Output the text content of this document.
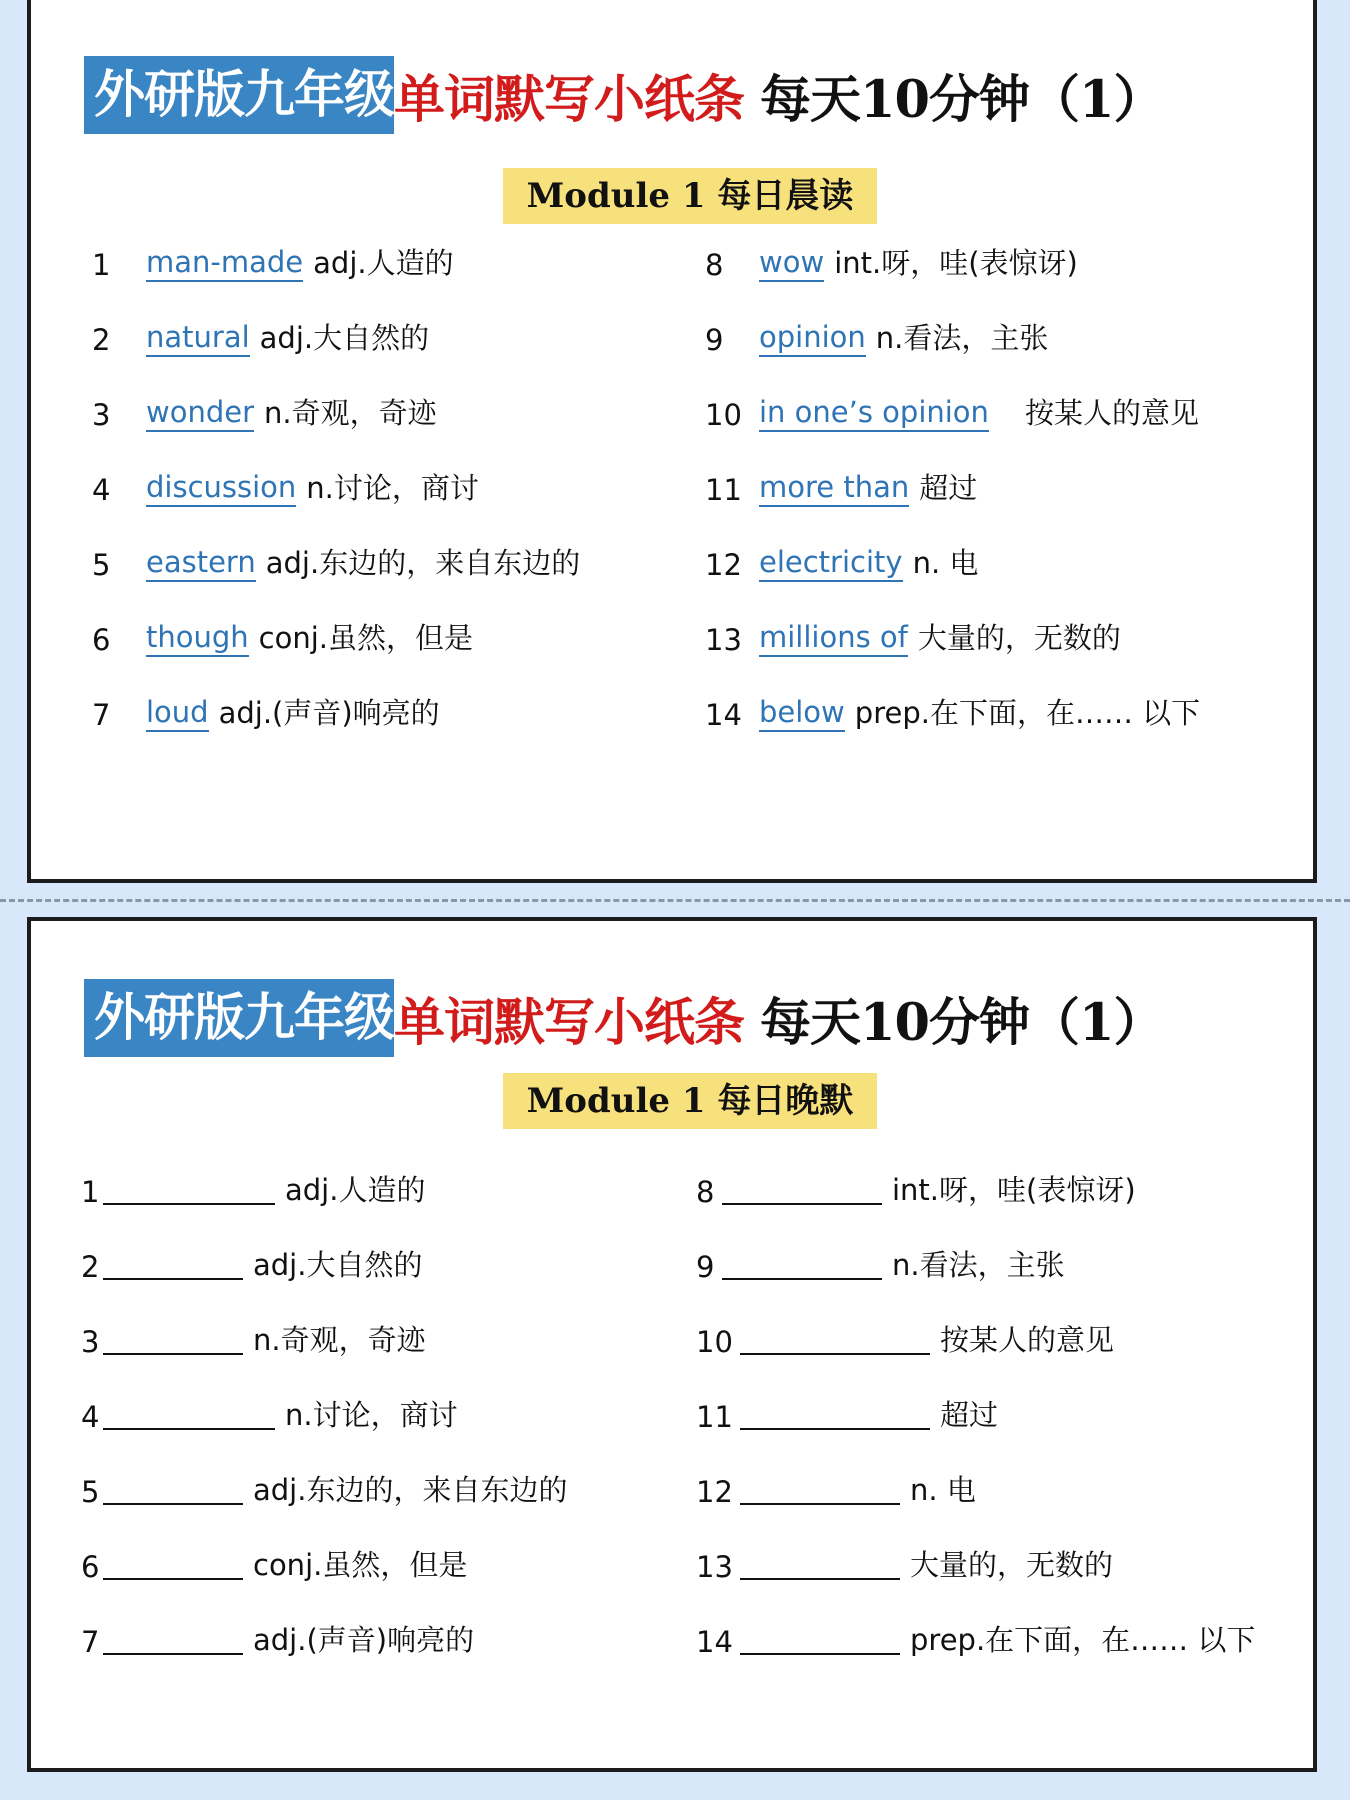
外研版九年级 单词默写小纸条 每天10分钟（1）
Module 1 每日晨读
1	man-made adj.人造的
2	natural adj.大自然的
3	wonder n.奇观，奇迹
4	discussion n.讨论，商讨
5	eastern adj.东边的，来自东边的
6	though conj.虽然，但是
7	loud adj.(声音)响亮的
8	wow int.呀，哇(表惊讶)
9	opinion n.看法，主张
10 in one’s opinion 按某人的意见
11 more than 超过
12 electricity n. 电
13 millions of 大量的，无数的
14 below prep.在下面，在…… 以下
外研版九年级 单词默写小纸条 每天10分钟（1）
Module 1 每日晚默
1	adj.人造的
2	adj.大自然的
3	n.奇观，奇迹
4	n.讨论，商讨
5	adj.东边的，来自东边的
6	conj.虽然，但是
7	adj.(声音)响亮的
8	int.呀，哇(表惊讶)
9	n.看法，主张
10	按某人的意见
11	超过
12	n. 电
13	大量的，无数的
14	prep.在下面，在…… 以下
